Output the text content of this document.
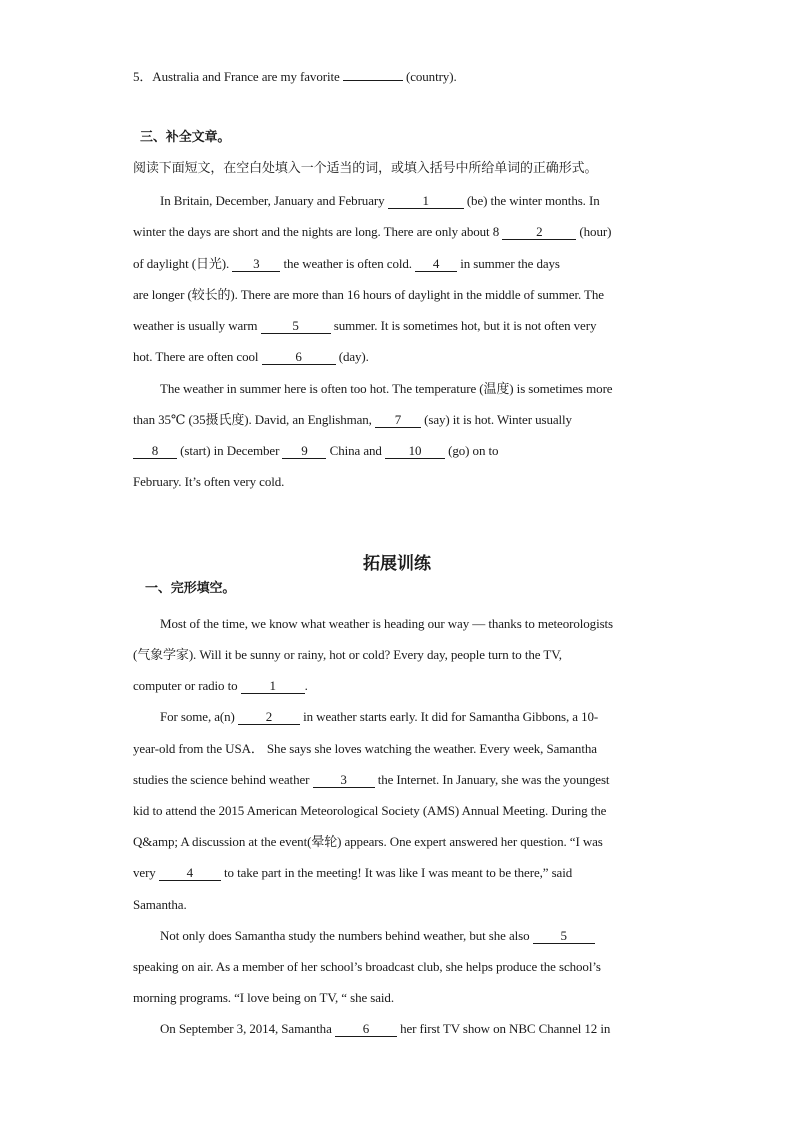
5．Australia and France are my favorite	(country).
三、补全文章。
阅读下面短文，在空白处填入一个适当的词，或填入括号中所给单词的正确形式。
In Britain, December, January and February	1	(be) the winter months. In
winter the days are short and the nights are long. There are only about 8	2	(hour)
of daylight (日光). 3 the weather is often cold. 4 in summer the days
are longer (较长的). There are more than 16 hours of daylight in the middle of summer. The
weather is usually warm	5	summer. It is sometimes hot, but it is not often very
hot. There are often cool	6	(day).
The weather in summer here is often too hot. The temperature (温度) is sometimes more
than 35℃ (35摄氏度). David, an Englishman, 7 (say) it is hot. Winter usually
8 (start) in December 9 China and 10 (go) on to
February. It’s often very cold.
拓展训练
一、完形填空。
Most of the time, we know what weather is heading our way — thanks to meteorologists
(气象学家). Will it be sunny or rainy, hot or cold? Every day, people turn to the TV,
computer or radio to 1 .
For some, a(n) 2 in weather starts early. It did for Samantha Gibbons, a 10-
year-old from the USA． She says she loves watching the weather. Every week, Samantha
studies the science behind weather 3 the Internet. In January, she was the youngest
kid to attend the 2015 American Meteorological Society (AMS) Annual Meeting. During the
Q&amp; A discussion at the event(晕轮) appears. One expert answered her question. “I was
very 4 to take part in the meeting! It was like I was meant to be there,” said
Samantha.
Not only does Samantha study the numbers behind weather, but she also 5
speaking on air. As a member of her school’s broadcast club, she helps produce the school’s
morning programs. “I love being on TV, “ she said.
On September 3, 2014, Samantha 6 her first TV show on NBC Channel 12 in
